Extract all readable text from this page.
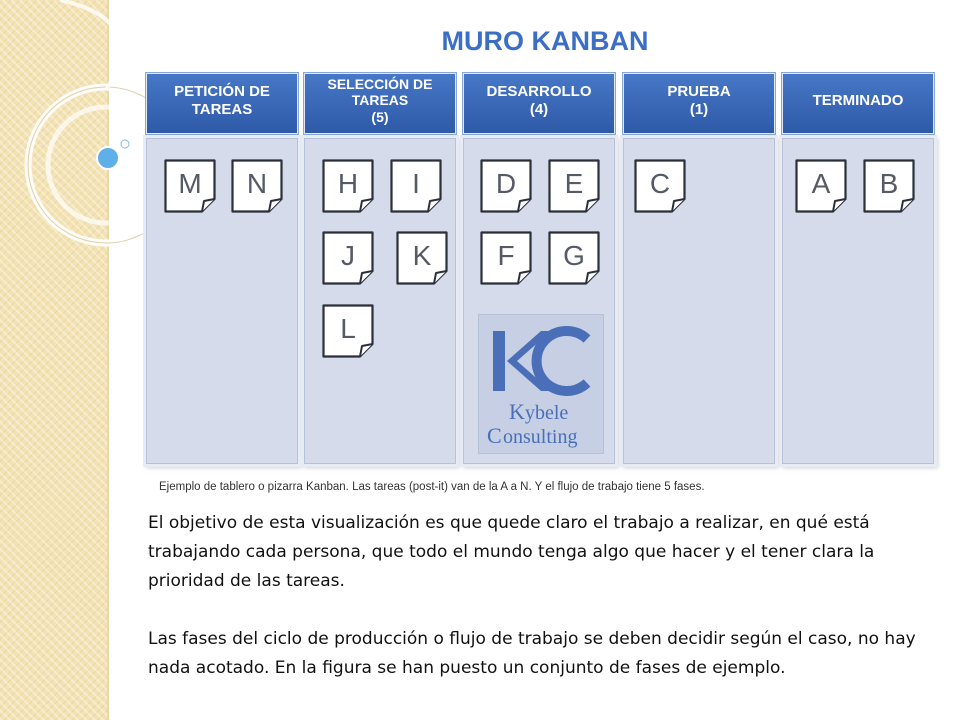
MURO KANBAN
PETICIÓN DE
TAREAS
SELECCIÓN DE
TAREAS
(5)
DESARROLLO
(4)
PRUEBA
(1)
TERMINADO
K ybele
C onsulting
M	N	H	I
J	K
L
D	E
F	G
C	A	B
Ejemplo de tablero o pizarra Kanban. Las tareas (post-it) van de la A a N. Y el flujo de trabajo tiene 5 fases.
El objetivo de esta visualización es que quede claro el trabajo a realizar, en qué está trabajando cada persona, que todo el mundo tenga algo que hacer y el tener clara la prioridad de las tareas.
Las fases del ciclo de producción o flujo de trabajo se deben decidir según el caso, no hay nada acotado. En la figura se han puesto un conjunto de fases de ejemplo.
